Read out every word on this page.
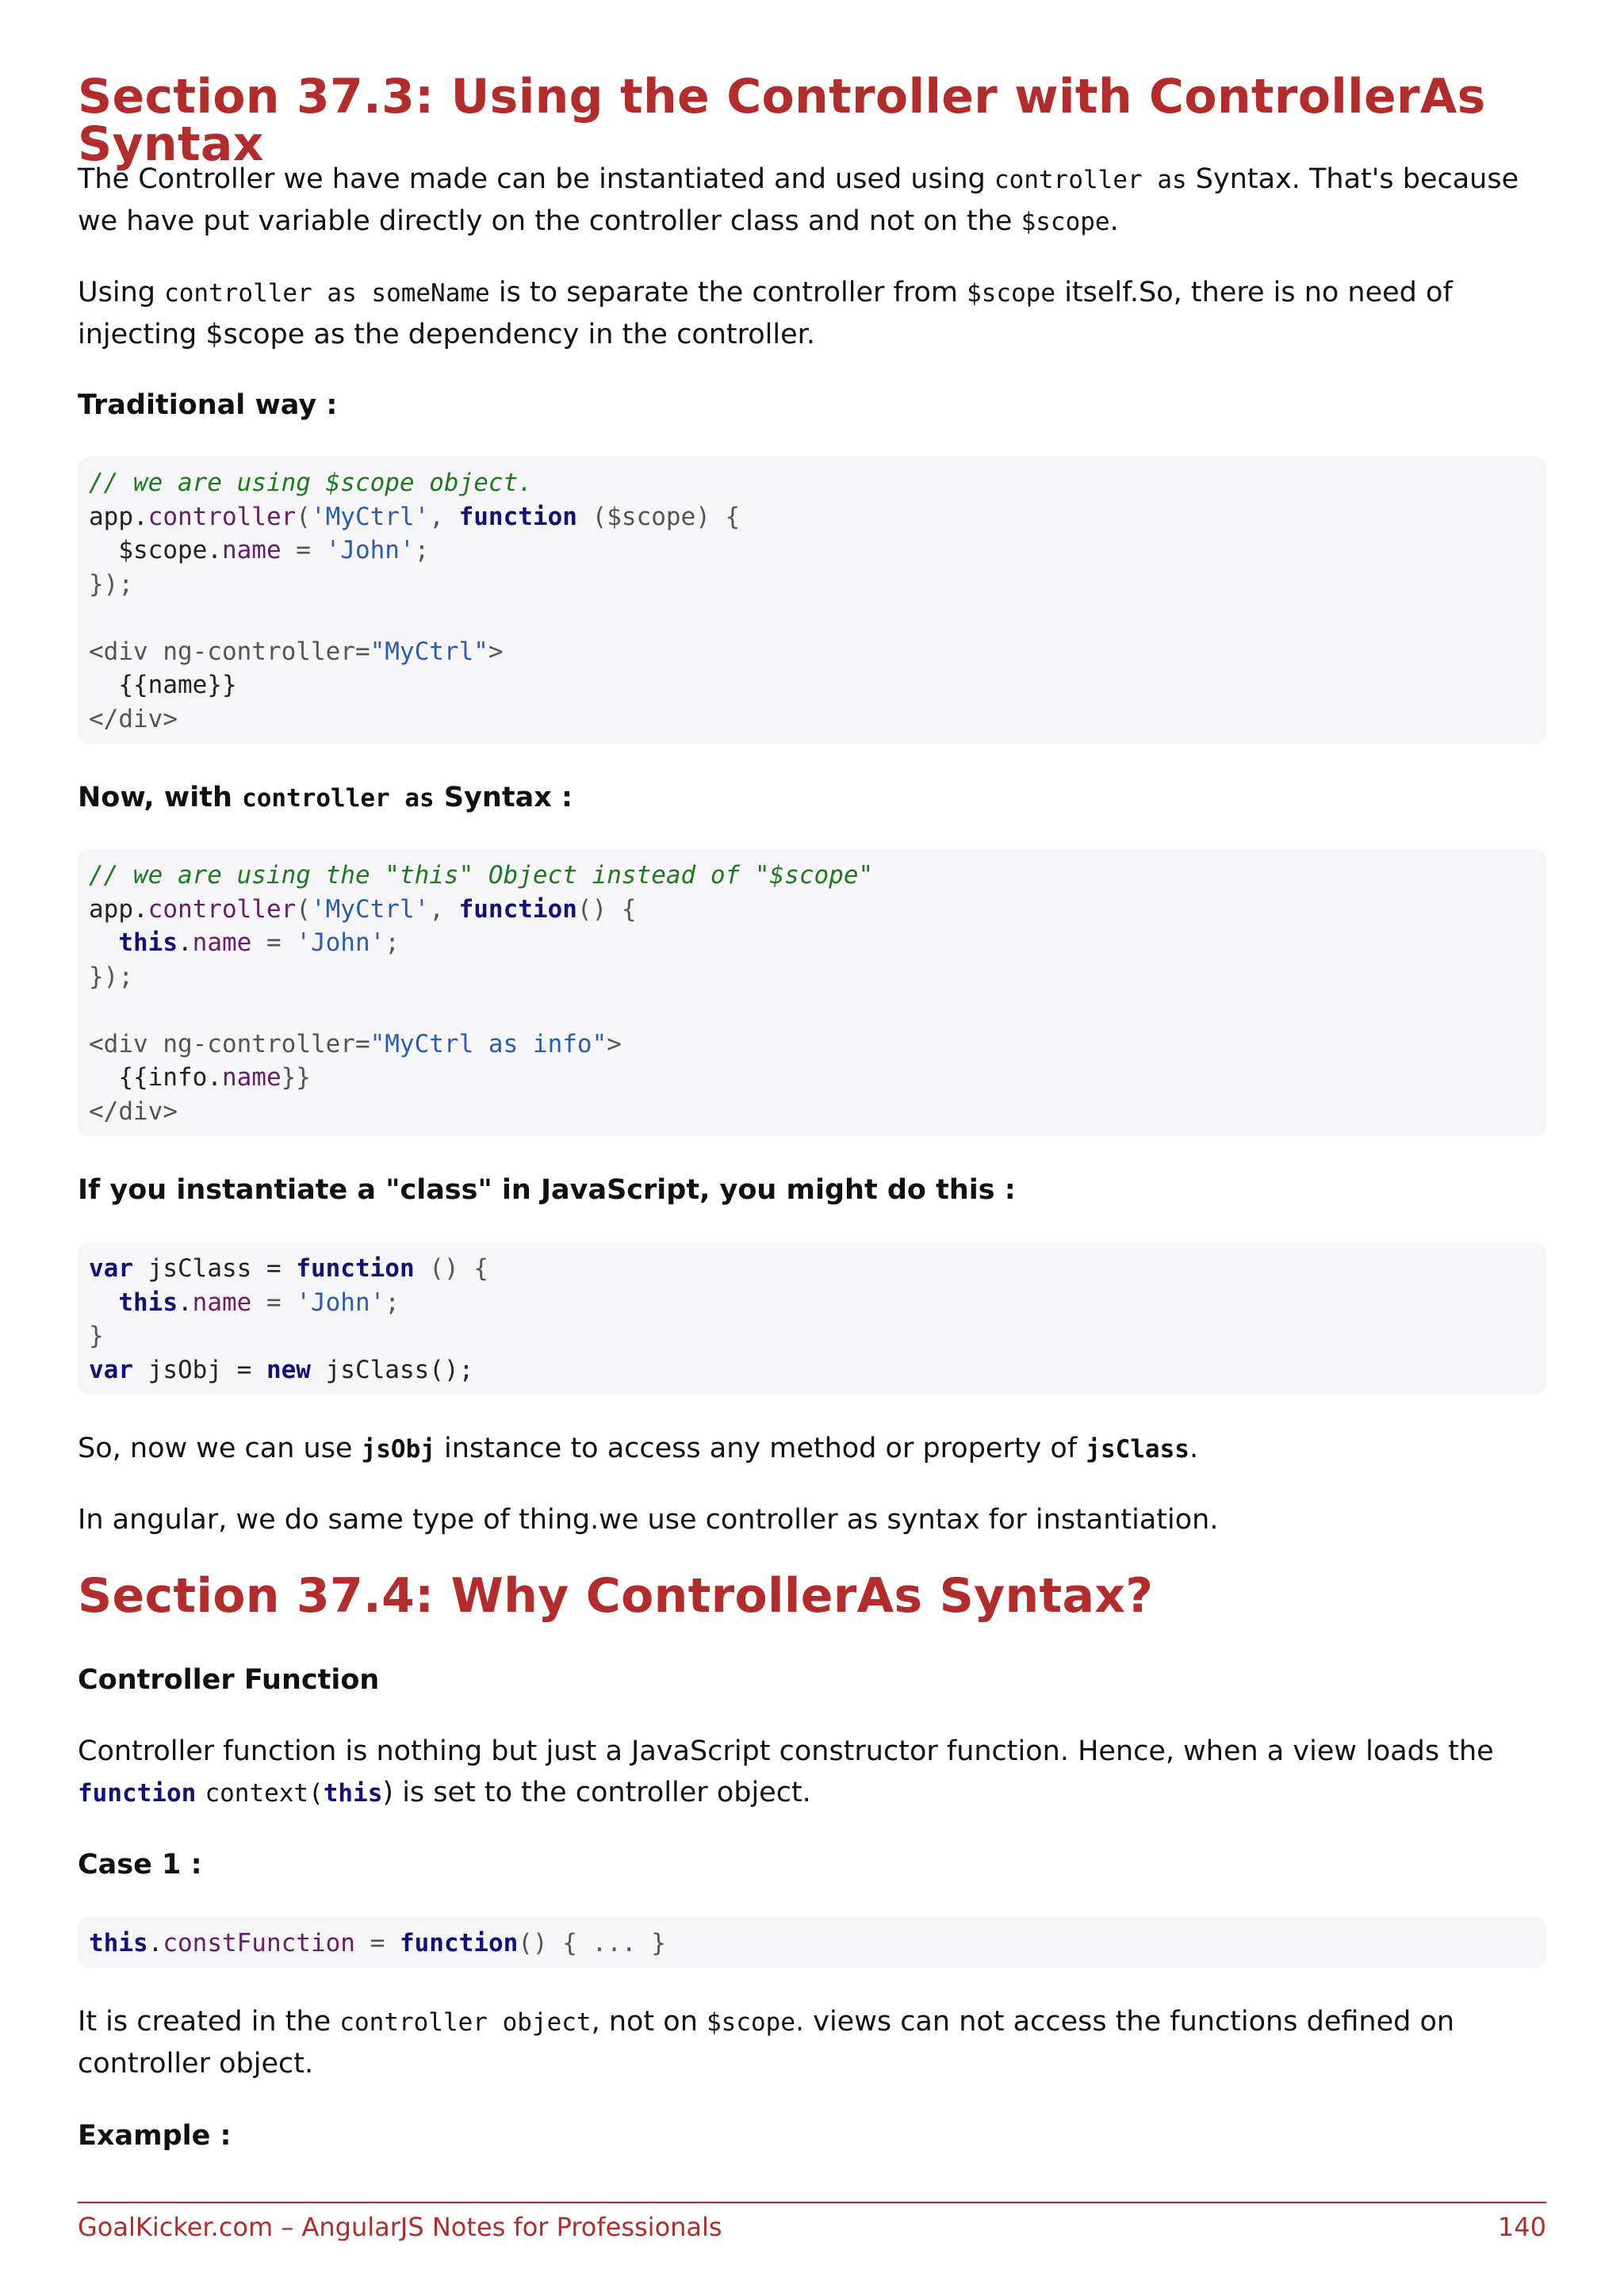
Section 37.3: Using the Controller with ControllerAs Syntax

The Controller we have made can be instantiated and used using controller as Syntax. That's because we have put variable directly on the controller class and not on the $scope.

Using controller as someName is to separate the controller from $scope itself.So, there is no need of injecting $scope as the dependency in the controller.

Traditional way :

// we are using $scope object.
app.controller('MyCtrl', function ($scope) {
$scope.name = 'John';
});

<div ng-controller="MyCtrl">
{{name}}
</div>

Now, with controller as Syntax :

// we are using the "this" Object instead of "$scope"
app.controller('MyCtrl', function() {
this.name = 'John';
});

<div ng-controller="MyCtrl as info">
{{info.name}}
</div>

If you instantiate a "class" in JavaScript, you might do this :

var jsClass = function () {
this.name = 'John';
}
var jsObj = new jsClass();

So, now we can use jsObj instance to access any method or property of jsClass.

In angular, we do same type of thing.we use controller as syntax for instantiation.

Section 37.4: Why ControllerAs Syntax?

Controller Function

Controller function is nothing but just a JavaScript constructor function. Hence, when a view loads the function context(this) is set to the controller object.

Case 1 :

this.constFunction = function() { ... }

It is created in the controller object, not on $scope. views can not access the functions defined on controller object.

Example :

GoalKicker.com – AngularJS Notes for Professionals	140
